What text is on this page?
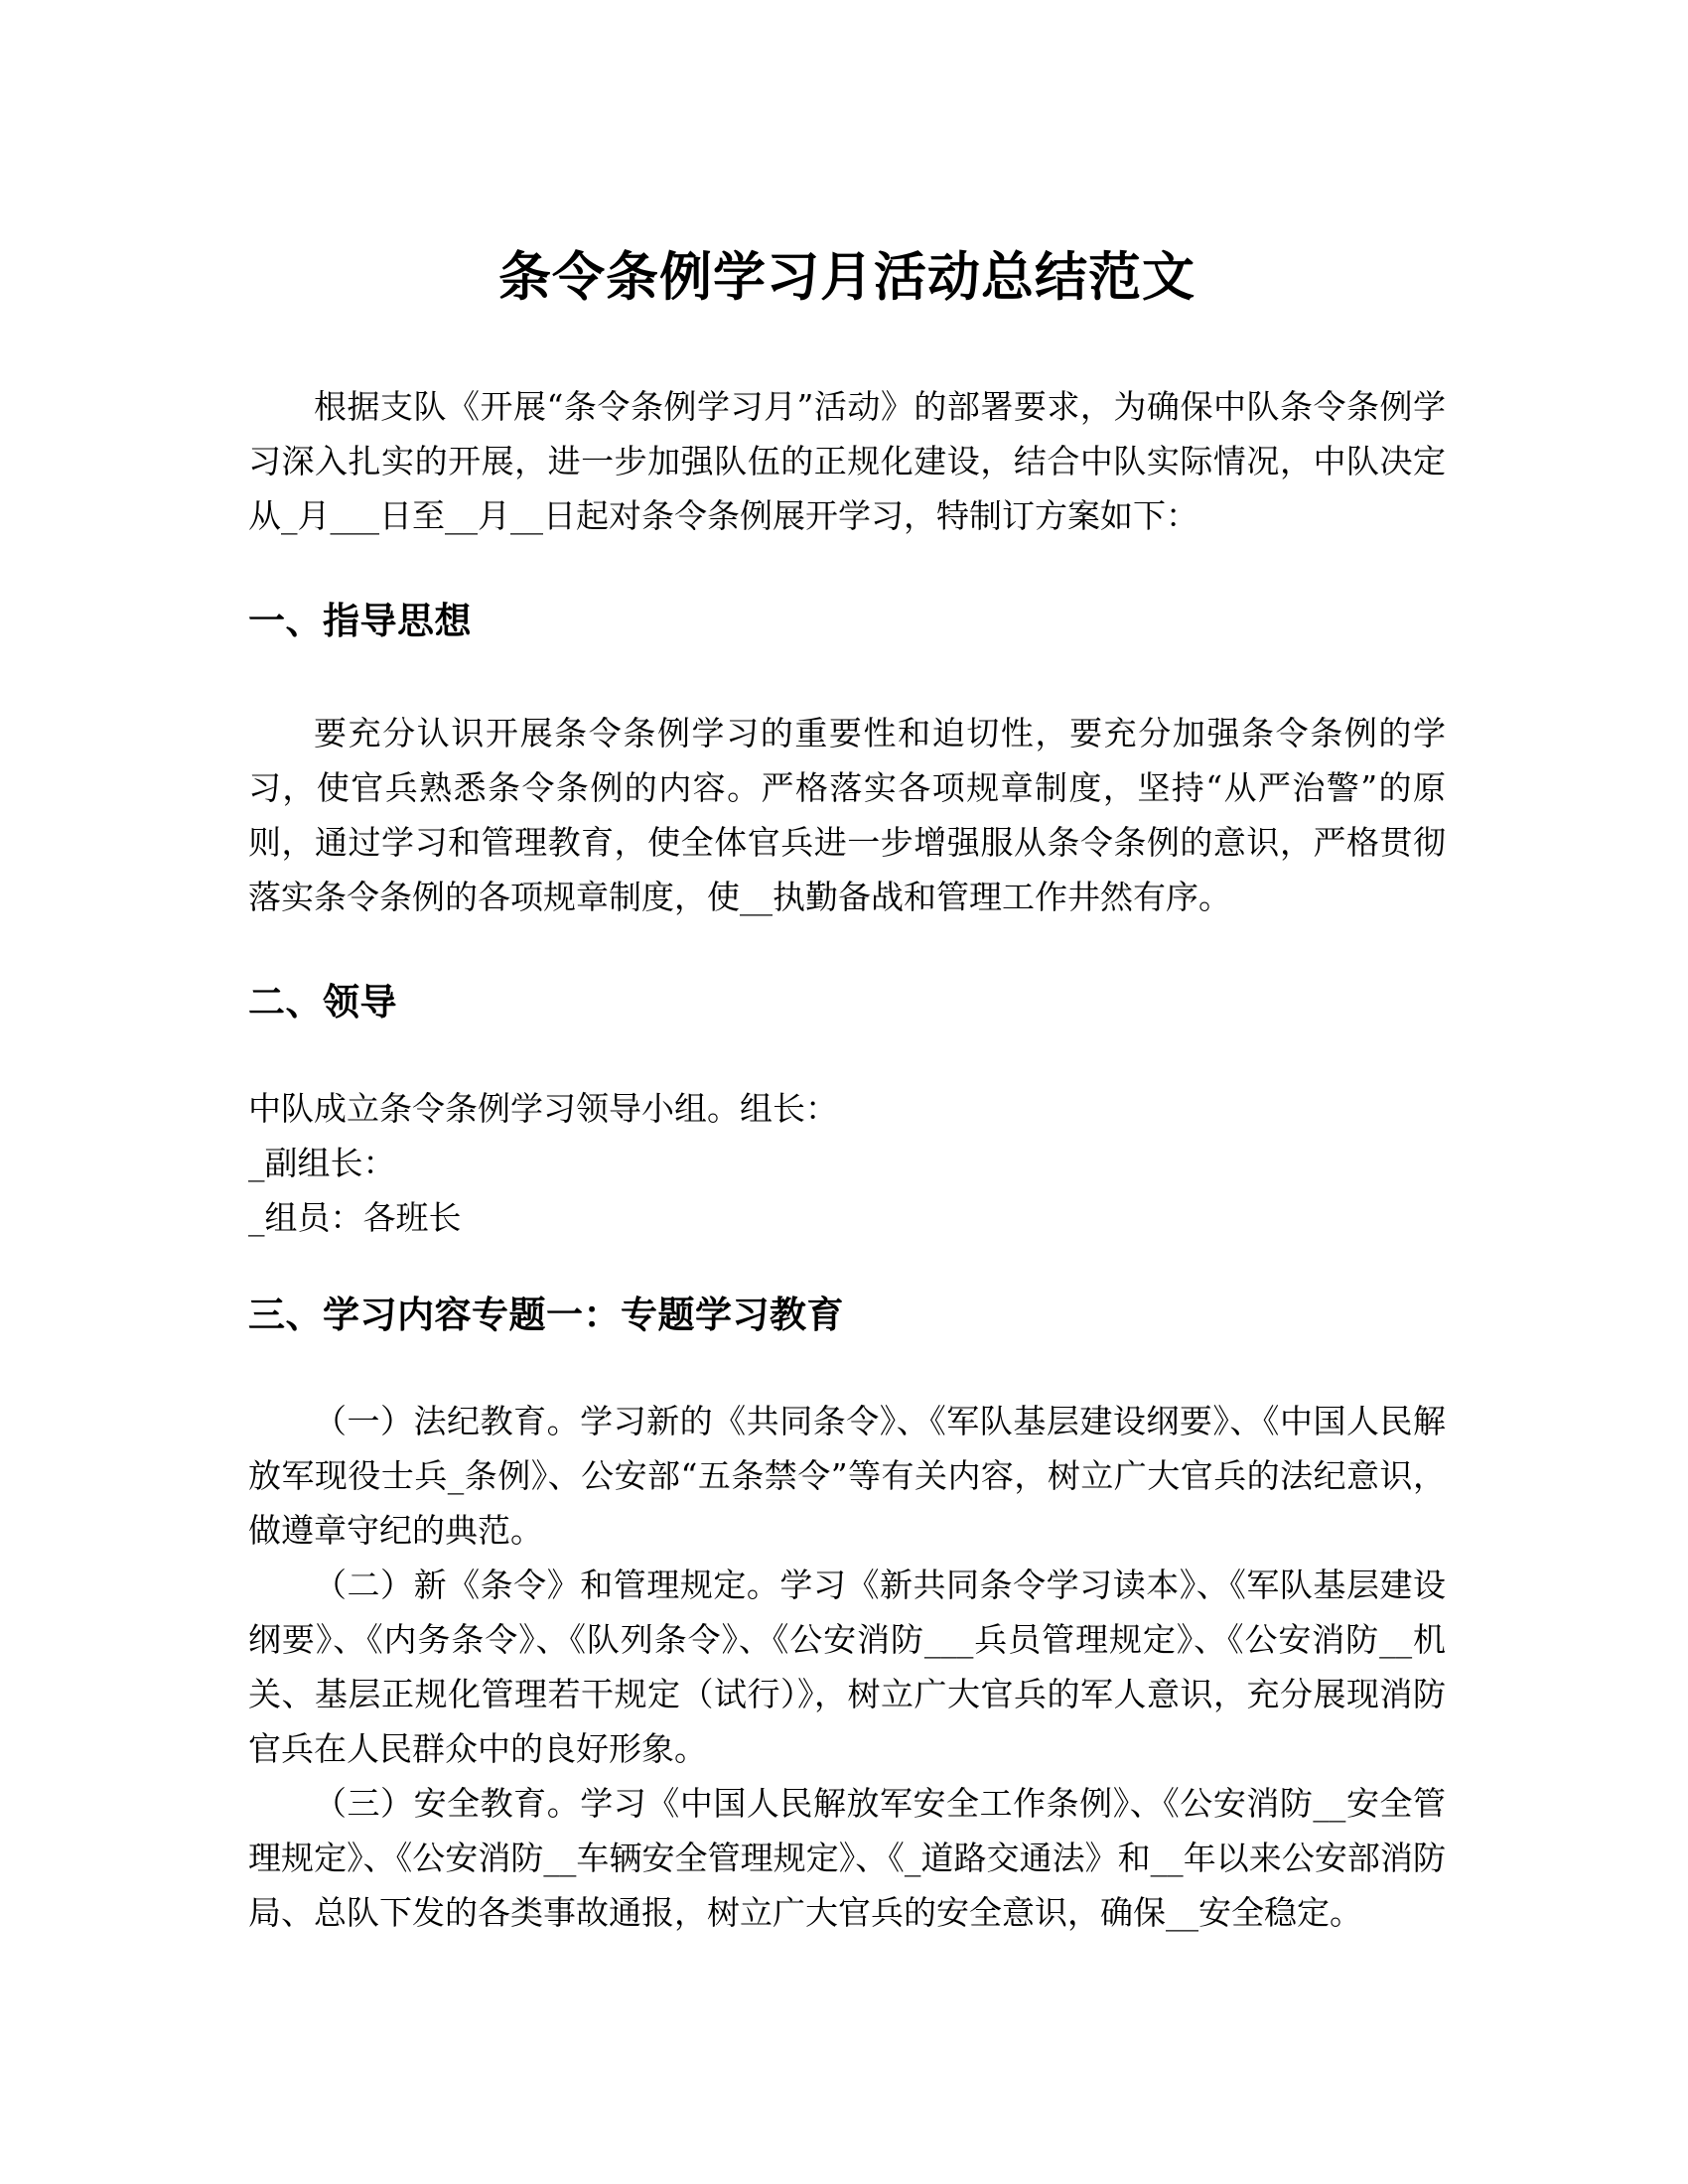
条令条例学习月活动总结范文

根据支队《开展“条令条例学习月”活动》的部署要求，为确保中队条令条例学习深入扎实的开展，进一步加强队伍的正规化建设，结合中队实际情况，中队决定从_月___日至__月__日起对条令条例展开学习，特制订方案如下：

一、指导思想

要充分认识开展条令条例学习的重要性和迫切性，要充分加强条令条例的学习，使官兵熟悉条令条例的内容。严格落实各项规章制度，坚持“从严治警”的原则，通过学习和管理教育，使全体官兵进一步增强服从条令条例的意识，严格贯彻落实条令条例的各项规章制度，使__执勤备战和管理工作井然有序。

二、领导

中队成立条令条例学习领导小组。组长：

_副组长：

_组员：各班长

三、学习内容专题一：专题学习教育

（一）法纪教育。学习新的《共同条令》、《军队基层建设纲要》、《中国人民解放军现役士兵_条例》、公安部“五条禁令”等有关内容，树立广大官兵的法纪意识，做遵章守纪的典范。

（二）新《条令》和管理规定。学习《新共同条令学习读本》、《军队基层建设纲要》、《内务条令》、《队列条令》、《公安消防___兵员管理规定》、《公安消防__机关、基层正规化管理若干规定（试行）》，树立广大官兵的军人意识，充分展现消防官兵在人民群众中的良好形象。

（三）安全教育。学习《中国人民解放军安全工作条例》、《公安消防__安全管理规定》、《公安消防__车辆安全管理规定》、《_道路交通法》和__年以来公安部消防局、总队下发的各类事故通报，树立广大官兵的安全意识，确保__安全稳定。
